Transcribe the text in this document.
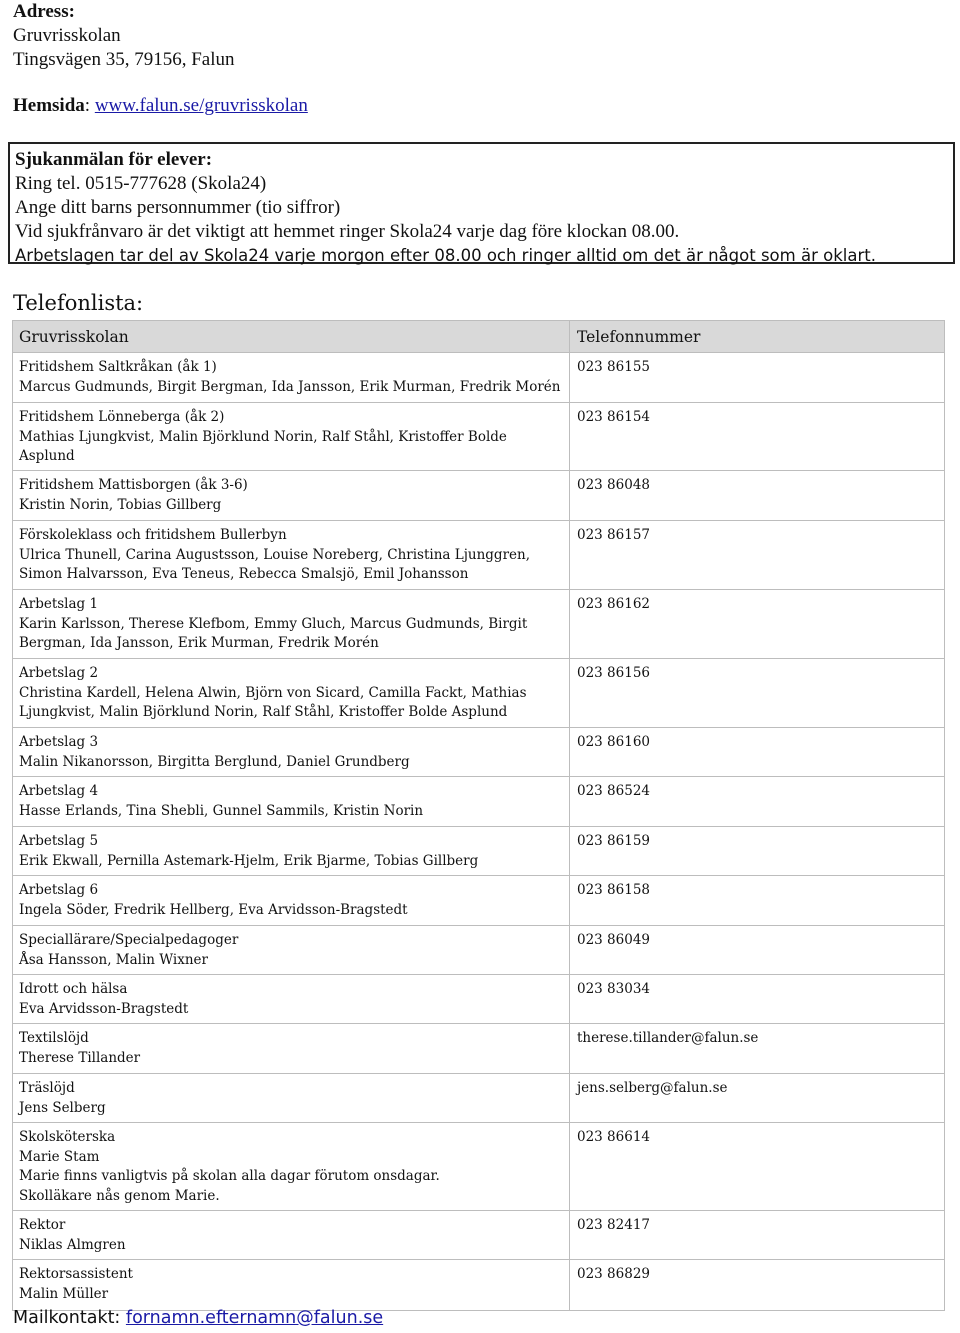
Adress:
Gruvrisskolan
Tingsvägen 35, 79156, Falun
Hemsida: www.falun.se/gruvrisskolan
Sjukanmälan för elever:
Ring tel. 0515-777628 (Skola24)
Ange ditt barns personnummer (tio siffror)
Vid sjukfrånvaro är det viktigt att hemmet ringer Skola24 varje dag före klockan 08.00.
Arbetslagen tar del av Skola24 varje morgon efter 08.00 och ringer alltid om det är något som är oklart.
Telefonlista:
Gruvrisskolan	Telefonnummer
Fritidshem Saltkråkan (åk 1)
Marcus Gudmunds, Birgit Bergman, Ida Jansson, Erik Murman, Fredrik Morén
023 86155
Fritidshem Lönneberga (åk 2)
Mathias Ljungkvist, Malin Björklund Norin, Ralf Ståhl, Kristoffer Bolde
Asplund
023 86154
Fritidshem Mattisborgen (åk 3-6)
Kristin Norin, Tobias Gillberg
023 86048
Förskoleklass och fritidshem Bullerbyn
Ulrica Thunell, Carina Augustsson, Louise Noreberg, Christina Ljunggren,
Simon Halvarsson, Eva Teneus, Rebecca Smalsjö, Emil Johansson
023 86157
Arbetslag 1
Karin Karlsson, Therese Klefbom, Emmy Gluch, Marcus Gudmunds, Birgit
Bergman, Ida Jansson, Erik Murman, Fredrik Morén
023 86162
Arbetslag 2
Christina Kardell, Helena Alwin, Björn von Sicard, Camilla Fackt, Mathias
Ljungkvist, Malin Björklund Norin, Ralf Ståhl, Kristoffer Bolde Asplund
023 86156
Arbetslag 3
Malin Nikanorsson, Birgitta Berglund, Daniel Grundberg
023 86160
Arbetslag 4
Hasse Erlands, Tina Shebli, Gunnel Sammils, Kristin Norin
023 86524
Arbetslag 5
Erik Ekwall, Pernilla Astemark-Hjelm, Erik Bjarme, Tobias Gillberg
023 86159
Arbetslag 6
Ingela Söder, Fredrik Hellberg, Eva Arvidsson-Bragstedt
023 86158
Speciallärare/Specialpedagoger
Åsa Hansson, Malin Wixner
023 86049
Idrott och hälsa
Eva Arvidsson-Bragstedt
023 83034
Textilslöjd
Therese Tillander
therese.tillander@falun.se
Träslöjd
Jens Selberg
jens.selberg@falun.se
Skolsköterska
Marie Stam
Marie finns vanligtvis på skolan alla dagar förutom onsdagar.
Skolläkare nås genom Marie.
023 86614
Rektor
Niklas Almgren
023 82417
Rektorsassistent
Malin Müller
023 86829
Mailkontakt: fornamn.efternamn@falun.se
